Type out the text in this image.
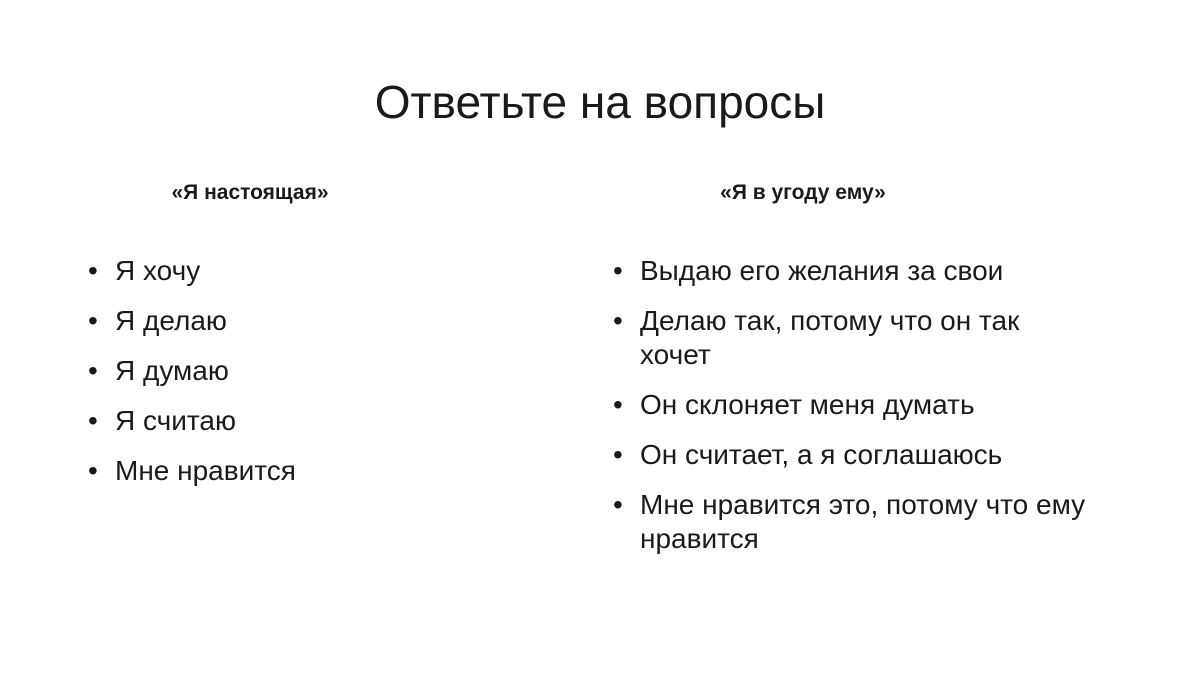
Ответьте на вопросы

«Я настоящая»

• Я хочу
• Я делаю
• Я думаю
• Я считаю
• Мне нравится

«Я в угоду ему»

• Выдаю его желания за свои
• Делаю так, потому что он так хочет
• Он склоняет меня думать
• Он считает, а я соглашаюсь
• Мне нравится это, потому что ему нравится
